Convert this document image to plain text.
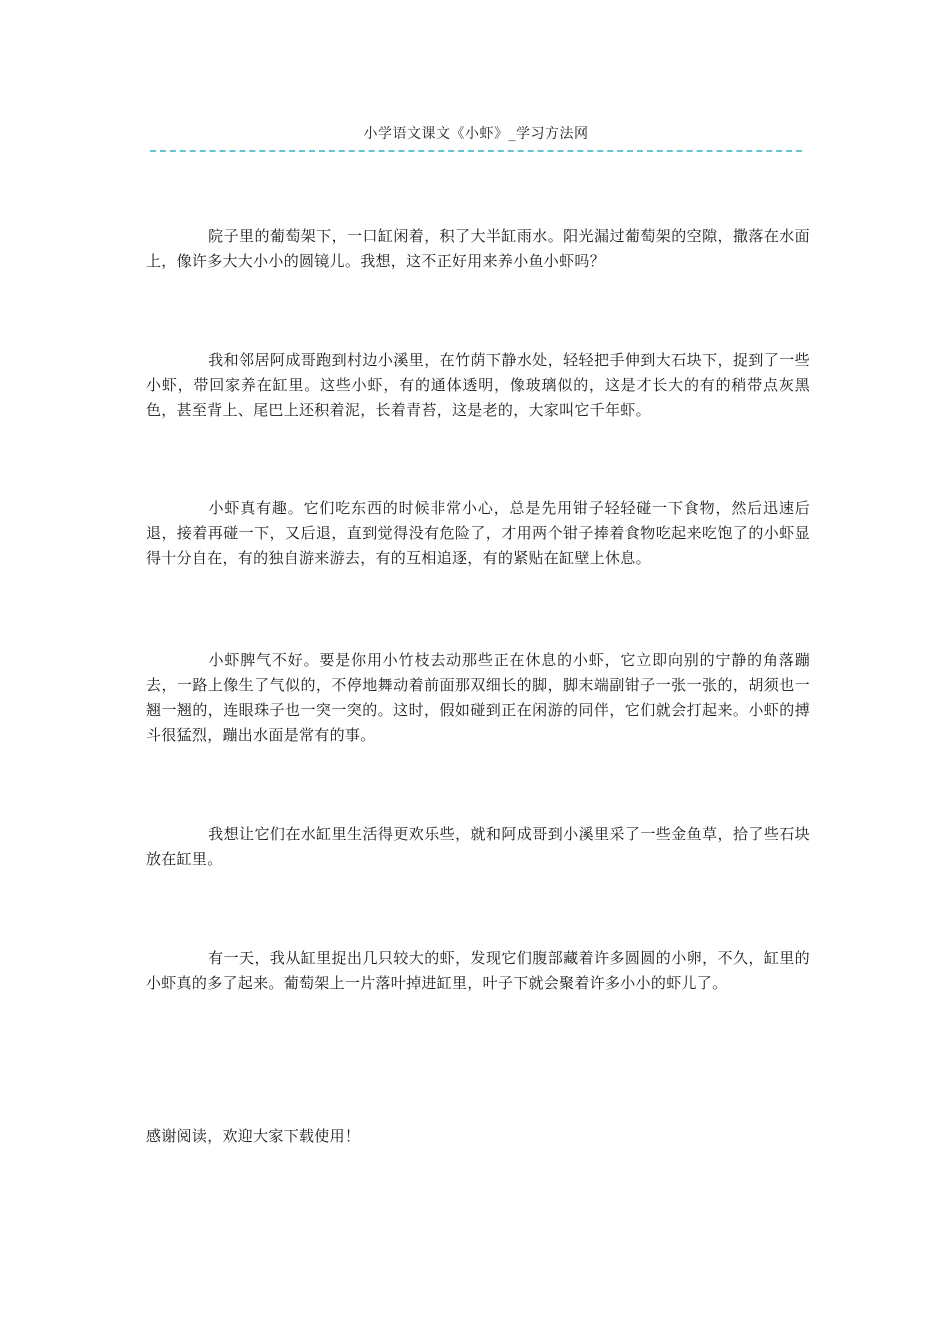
小学语文课文《小虾》_学习方法网

院子里的葡萄架下，一口缸闲着，积了大半缸雨水。阳光漏过葡萄架的空隙，撒落在水面上，像许多大大小小的圆镜儿。我想，这不正好用来养小鱼小虾吗？

我和邻居阿成哥跑到村边小溪里，在竹荫下静水处，轻轻把手伸到大石块下，捉到了一些小虾，带回家养在缸里。这些小虾，有的通体透明，像玻璃似的，这是才长大的有的稍带点灰黑色，甚至背上、尾巴上还积着泥，长着青苔，这是老的，大家叫它千年虾。

小虾真有趣。它们吃东西的时候非常小心，总是先用钳子轻轻碰一下食物，然后迅速后退，接着再碰一下，又后退，直到觉得没有危险了，才用两个钳子捧着食物吃起来吃饱了的小虾显得十分自在，有的独自游来游去，有的互相追逐，有的紧贴在缸壁上休息。

小虾脾气不好。要是你用小竹枝去动那些正在休息的小虾，它立即向别的宁静的角落蹦去，一路上像生了气似的，不停地舞动着前面那双细长的脚，脚末端副钳子一张一张的，胡须也一翘一翘的，连眼珠子也一突一突的。这时，假如碰到正在闲游的同伴，它们就会打起来。小虾的搏斗很猛烈，蹦出水面是常有的事。

我想让它们在水缸里生活得更欢乐些，就和阿成哥到小溪里采了一些金鱼草，拾了些石块放在缸里。

有一天，我从缸里捉出几只较大的虾，发现它们腹部藏着许多圆圆的小卵，不久，缸里的小虾真的多了起来。葡萄架上一片落叶掉进缸里，叶子下就会聚着许多小小的虾儿了。

感谢阅读，欢迎大家下载使用！
